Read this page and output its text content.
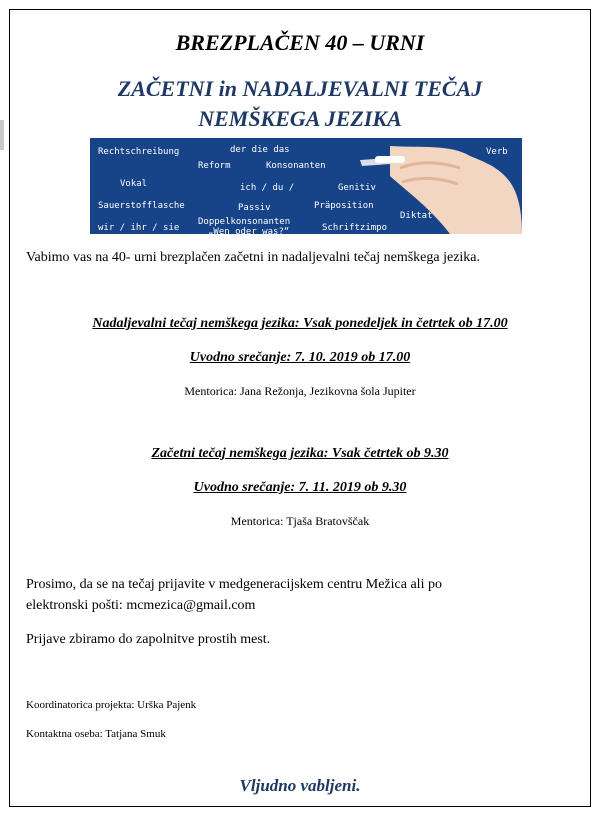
BREZPLAČEN 40 – URNI
ZAČETNI in NADALJEVALNI TEČAJ
NEMŠKEGA JEZIKA
Rechtschreibung	der die das
Reform	Konsonanten
Verb
Vokal	ich / du /	Genitiv
Sauerstofflasche	Passiv	Präposition
Diktat
Doppelkonsonanten
wir / ihr / sie	„Wen oder was?“	Schriftzimpo
Vabimo vas na 40- urni brezplačen začetni in nadaljevalni tečaj nemškega jezika.
Nadaljevalni tečaj nemškega jezika: Vsak ponedeljek in četrtek ob 17.00
Uvodno srečanje: 7. 10. 2019 ob 17.00
Mentorica: Jana Režonja, Jezikovna šola Jupiter
Začetni tečaj nemškega jezika: Vsak četrtek ob 9.30
Uvodno srečanje: 7. 11. 2019 ob 9.30
Mentorica: Tjaša Bratovščak
Prosimo, da se na tečaj prijavite v medgeneracijskem centru Mežica ali po
elektronski pošti: mcmezica@gmail.com
Prijave zbiramo do zapolnitve prostih mest.
Koordinatorica projekta: Urška Pajenk
Kontaktna oseba: Tatjana Smuk
Vljudno vabljeni.
